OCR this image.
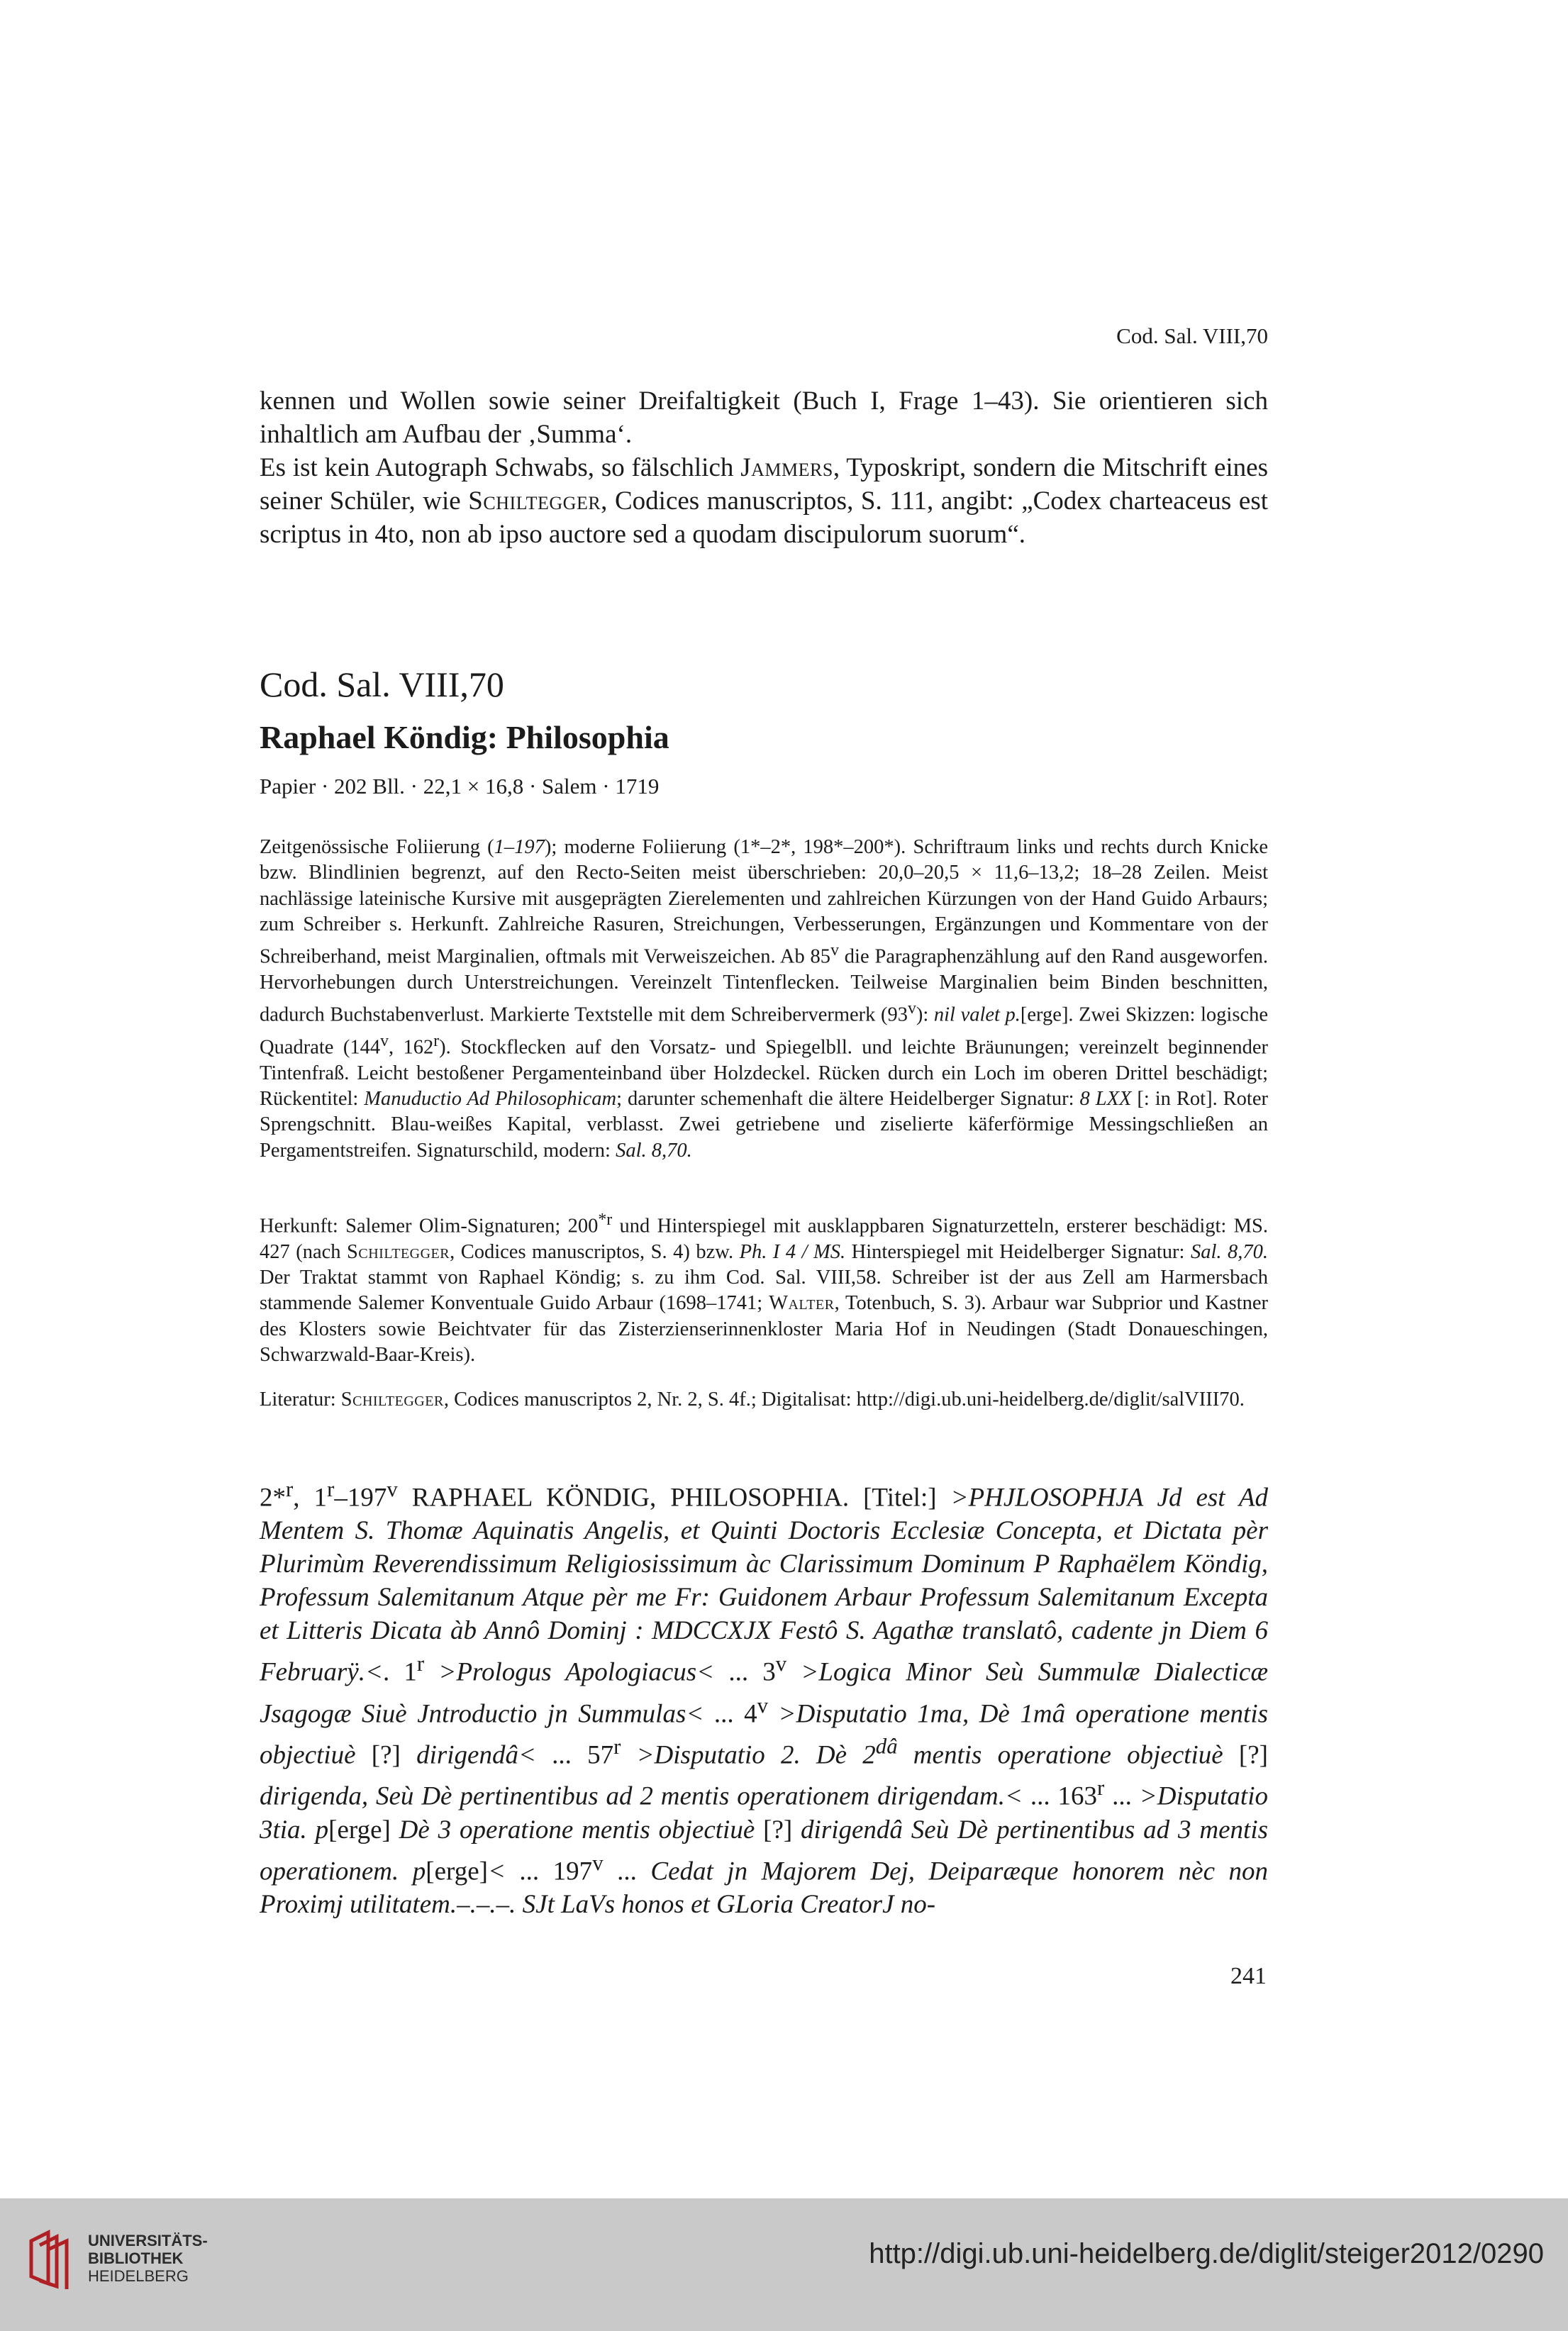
Cod. Sal. VIII,70

kennen und Wollen sowie seiner Dreifaltigkeit (Buch I, Frage 1–43). Sie orientieren sich inhaltlich am Aufbau der ‚Summa‘.

Es ist kein Autograph Schwabs, so fälschlich Jammers, Typoskript, sondern die Mitschrift eines seiner Schüler, wie Schiltegger, Codices manuscriptos, S. 111, angibt: „Codex charteaceus est scriptus in 4to, non ab ipso auctore sed a quodam discipulorum suorum“.

Cod. Sal. VIII,70
Raphael Köndig: Philosophia

Papier · 202 Bll. · 22,1 × 16,8 · Salem · 1719

Zeitgenössische Foliierung (1–197); moderne Foliierung (1*–2*, 198*–200*). Schriftraum links und rechts durch Knicke bzw. Blindlinien begrenzt, auf den Recto-Seiten meist überschrieben: 20,0–20,5 × 11,6–13,2; 18–28 Zeilen. Meist nachlässige lateinische Kursive mit ausgeprägten Zierelementen und zahlreichen Kürzungen von der Hand Guido Arbaurs; zum Schreiber s. Herkunft. Zahlreiche Rasuren, Streichungen, Verbesserungen, Ergänzungen und Kommentare von der Schreiberhand, meist Marginalien, oftmals mit Verweiszeichen. Ab 85$^v$ die Paragraphenzählung auf den Rand ausgeworfen. Hervorhebungen durch Unterstreichungen. Vereinzelt Tintenflecken. Teilweise Marginalien beim Binden beschnitten, dadurch Buchstabenverlust. Markierte Textstelle mit dem Schreibervermerk (93$^v$): nil valet p.[erge]. Zwei Skizzen: logische Quadrate (144$^v$, 162$^r$). Stockflecken auf den Vorsatz- und Spiegelbll. und leichte Bräunungen; vereinzelt beginnender Tintenfraß. Leicht bestoßener Pergamenteinband über Holzdeckel. Rücken durch ein Loch im oberen Drittel beschädigt; Rückentitel: Manuductio Ad Philosophicam; darunter schemenhaft die ältere Heidelberger Signatur: 8 LXX [: in Rot]. Roter Sprengschnitt. Blau-weißes Kapital, verblasst. Zwei getriebene und ziselierte käferförmige Messingschließen an Pergamentstreifen. Signaturschild, modern: Sal. 8,70.

Herkunft: Salemer Olim-Signaturen; 200$^{*r}$ und Hinterspiegel mit ausklappbaren Signaturzetteln, ersterer beschädigt: MS. 427 (nach Schiltegger, Codices manuscriptos, S. 4) bzw. Ph. I 4 / MS. Hinterspiegel mit Heidelberger Signatur: Sal. 8,70. Der Traktat stammt von Raphael Köndig; s. zu ihm Cod. Sal. VIII,58. Schreiber ist der aus Zell am Harmersbach stammende Salemer Konventuale Guido Arbaur (1698–1741; Walter, Totenbuch, S. 3). Arbaur war Subprior und Kastner des Klosters sowie Beichtvater für das Zisterzienserinnenkloster Maria Hof in Neudingen (Stadt Donaueschingen, Schwarzwald-Baar-Kreis).

Literatur: Schiltegger, Codices manuscriptos 2, Nr. 2, S. 4f.; Digitalisat: http://digi.ub.uni-heidelberg.de/diglit/salVIII70.

2*$^r$, 1$^r$–197$^v$ RAPHAEL KÖNDIG, PHILOSOPHIA. [Titel:] >PHJLOSOPHJA Jd est Ad Mentem S. Thomæ Aquinatis Angelis, et Quinti Doctoris Ecclesiæ Concepta, et Dictata pèr Plurimùm Reverendissimum Religiosissimum àc Clarissimum Dominum P Raphaëlem Köndig, Professum Salemitanum Atque pèr me Fr: Guidonem Arbaur Professum Salemitanum Excepta et Litteris Dicata àb Annô Dominj : MDCCXJX Festô S. Agathæ translatô, cadente jn Diem 6 Februarÿ.<. $1^r$ >Prologus Apologiacus< ... $3^v$ >Logica Minor Seù Summulæ Dialecticæ Jsagogæ Siuè Jntroductio jn Summulas< ... $4^v$ >Disputatio 1ma, Dè 1mâ operatione mentis objectiuè [?] dirigendâ< ... $57^r$ >Disputatio 2. Dè $2^{dâ}$ mentis operatione objectiuè [?] dirigenda, Seù Dè pertinentibus ad 2 mentis operationem dirigendam.< ... 163$^r$ ... >Disputatio 3tia. p[erge] Dè 3 operatione mentis objectiuè [?] dirigendâ Seù Dè pertinentibus ad 3 mentis operationem. p[erge]< ... 197$^v$ ... Cedat jn Majorem Dej, Deiparæque honorem nèc non Proximj utilitatem.–.–.–. SJt LaVs honos et GLoria CreatorJ no-

241
UNIVERSITÄTS-
BIBLIOTHEK
HEIDELBERG
http://digi.ub.uni-heidelberg.de/diglit/steiger2012/0290
